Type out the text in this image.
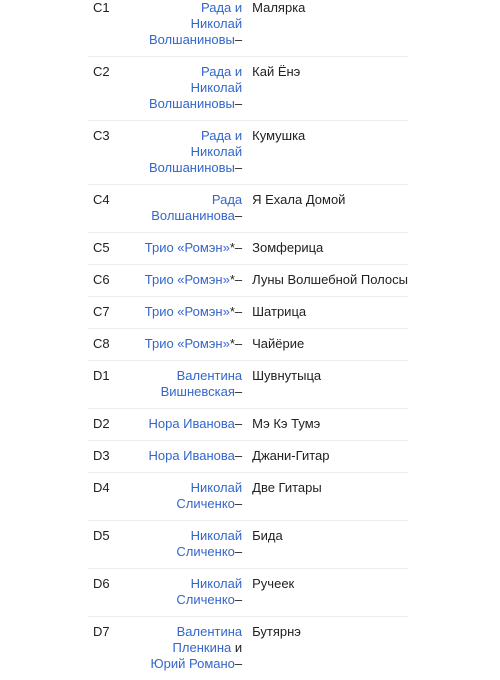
C1	Рада и
Николай
Волшаниновы–	Малярка
C2	Рада и
Николай
Волшаниновы–	Кай Ёнэ
C3	Рада и
Николай
Волшаниновы–	Кумушка
C4	Рада
Волшанинова–	Я Ехала Домой
C5	Трио «Ромэн»*–	Зомферица
C6	Трио «Ромэн»*–	Луны Волшебной Полосы
C7	Трио «Ромэн»*–	Шатрица
C8	Трио «Ромэн»*–	Чайёрие
D1	Валентина
Вишневская–	Шувнутыца
D2	Нора Иванова–	Мэ Кэ Тумэ
D3	Нора Иванова–	Джани-Гитар
D4	Николай
Сличенко–	Две Гитары
D5	Николай
Сличенко–	Бида
D6	Николай
Сличенко–	Ручеек
D7	Валентина
Пленкина и
Юрий Романо–	Бутярнэ
